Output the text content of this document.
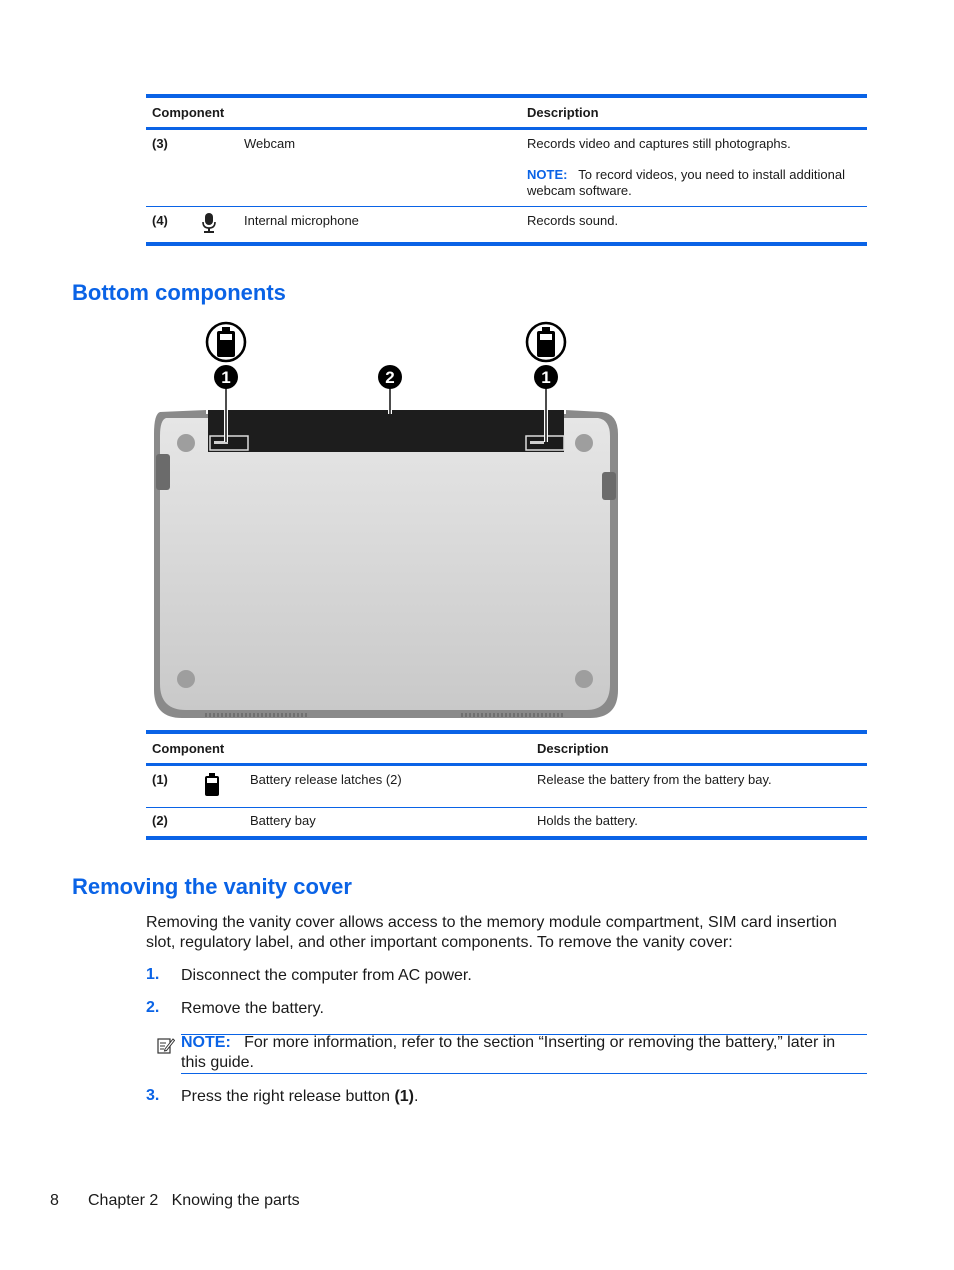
Component	Description
(3)	Webcam	Records video and captures still photographs.
NOTE: To record videos, you need to install additional webcam software.
(4)	Internal microphone	Records sound.
Bottom components
1	2	1
Component	Description
(1)	Battery release latches (2)	Release the battery from the battery bay.
(2)	Battery bay	Holds the battery.
Removing the vanity cover
Removing the vanity cover allows access to the memory module compartment, SIM card insertion slot, regulatory label, and other important components. To remove the vanity cover:
1. Disconnect the computer from AC power.
2. Remove the battery.
NOTE: For more information, refer to the section “Inserting or removing the battery,” later in this guide.
3. Press the right release button (1).
8 Chapter 2   Knowing the parts
